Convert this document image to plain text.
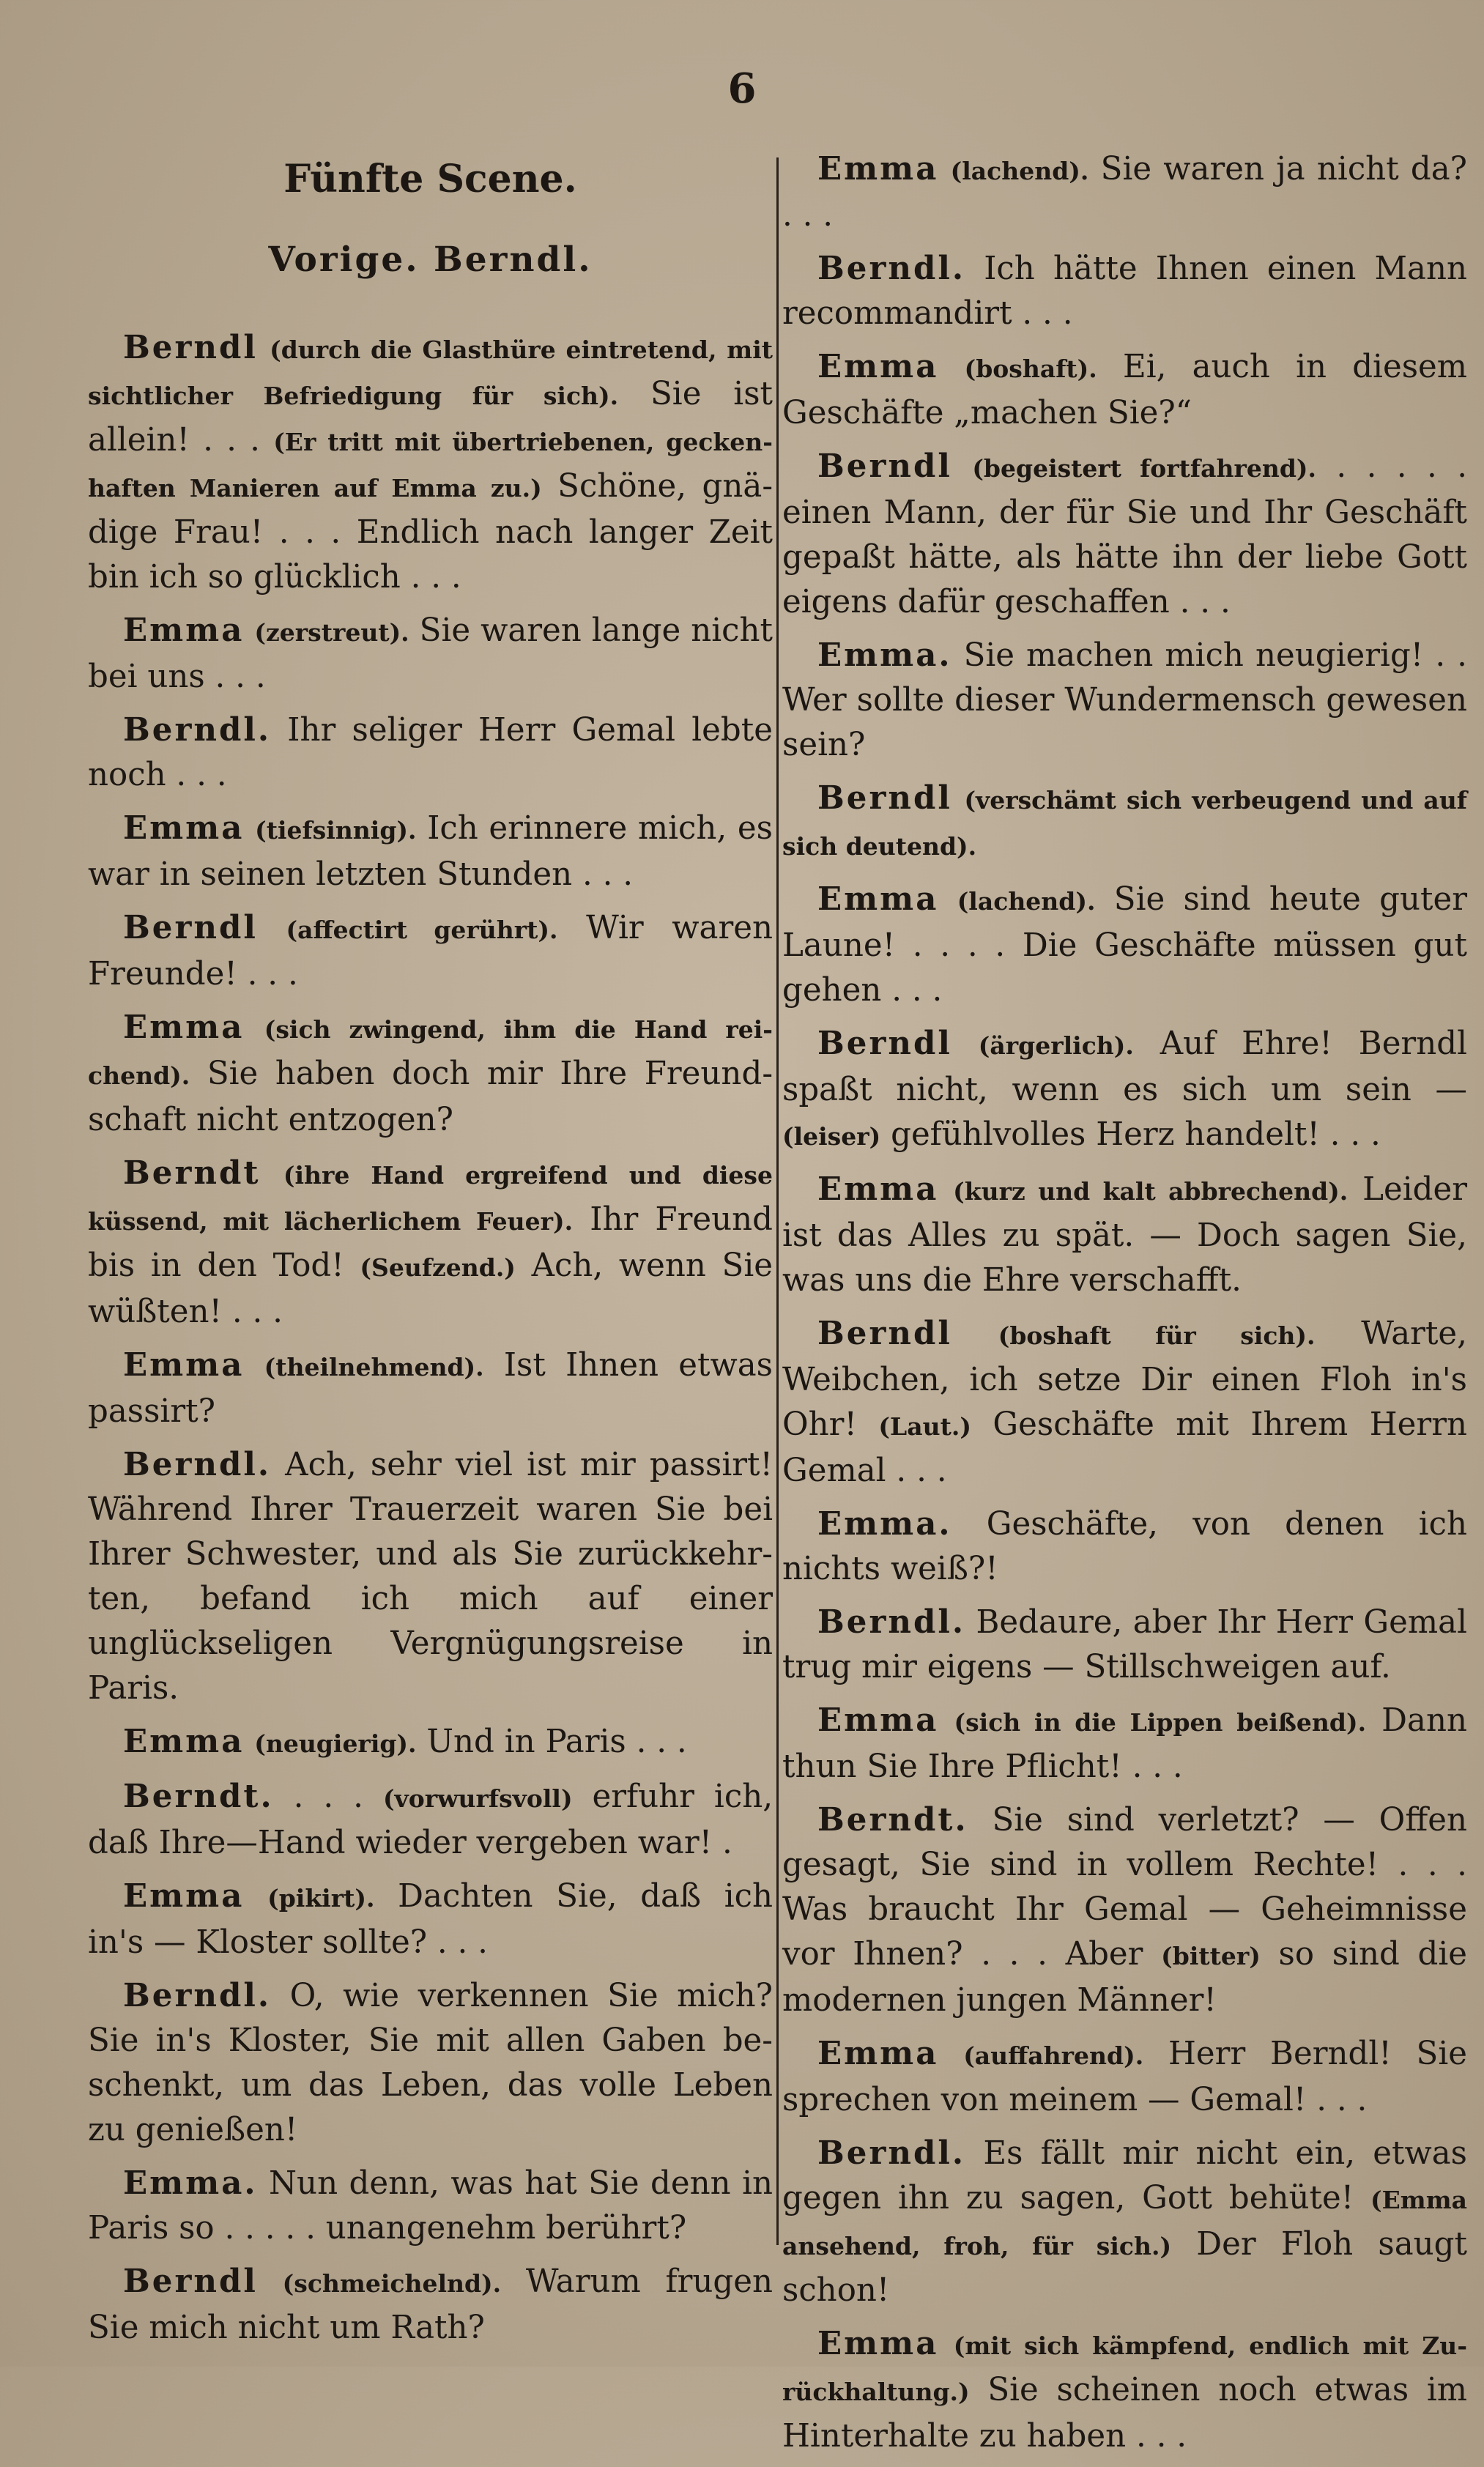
6
Fünfte Scene.
Vorige. Berndl.

Berndl (durch die Glasthüre eintretend, mit sichtlicher Befriedigung für sich). Sie ist allein! . . . (Er tritt mit übertriebenen, geckenhaften Manieren auf Emma zu.) Schöne, gnädige Frau! . . . Endlich nach langer Zeit bin ich so glücklich . . .

Emma (zerstreut). Sie waren lange nicht bei uns . . .

Berndl. Ihr seliger Herr Gemal lebte noch . . .

Emma (tiefsinnig). Ich erinnere mich, es war in seinen letzten Stunden . . .

Berndl (affectirt gerührt). Wir waren Freunde! . . .

Emma (sich zwingend, ihm die Hand reichend). Sie haben doch mir Ihre Freundschaft nicht entzogen?

Berndt (ihre Hand ergreifend und diese küssend, mit lächerlichem Feuer). Ihr Freund bis in den Tod! (Seufzend.) Ach, wenn Sie wüßten! . . .

Emma (theilnehmend). Ist Ihnen etwas passirt?

Berndl. Ach, sehr viel ist mir passirt! Während Ihrer Trauerzeit waren Sie bei Ihrer Schwester, und als Sie zurückkehrten, befand ich mich auf einer unglückseligen Vergnügungsreise in Paris.

Emma (neugierig). Und in Paris . . .

Berndt. . . . (vorwurfsvoll) erfuhr ich, daß Ihre—Hand wieder vergeben war! .

Emma (pikirt). Dachten Sie, daß ich in's — Kloster sollte? . . .

Berndl. O, wie verkennen Sie mich? Sie in's Kloster, Sie mit allen Gaben beschenkt, um das Leben, das volle Leben zu genießen!

Emma. Nun denn, was hat Sie denn in Paris so . . . . . unangenehm berührt?

Berndl (schmeichelnd). Warum frugen Sie mich nicht um Rath?

Emma (lachend). Sie waren ja nicht da? . . .

Berndl. Ich hätte Ihnen einen Mann recommandirt . . .

Emma (boshaft). Ei, auch in diesem Geschäfte „machen Sie?“

Berndl (begeistert fortfahrend). . . . . . einen Mann, der für Sie und Ihr Geschäft gepaßt hätte, als hätte ihn der liebe Gott eigens dafür geschaffen . . .

Emma. Sie machen mich neugierig! . . Wer sollte dieser Wundermensch gewesen sein?

Berndl (verschämt sich verbeugend und auf sich deutend).

Emma (lachend). Sie sind heute guter Laune! . . . . Die Geschäfte müssen gut gehen . . .

Berndl (ärgerlich). Auf Ehre! Berndl spaßt nicht, wenn es sich um sein — (leiser) gefühlvolles Herz handelt! . . .

Emma (kurz und kalt abbrechend). Leider ist das Alles zu spät. — Doch sagen Sie, was uns die Ehre verschafft.

Berndl (boshaft für sich). Warte, Weibchen, ich setze Dir einen Floh in's Ohr! (Laut.) Geschäfte mit Ihrem Herrn Gemal . . .

Emma. Geschäfte, von denen ich nichts weiß?!

Berndl. Bedaure, aber Ihr Herr Gemal trug mir eigens — Stillschweigen auf.

Emma (sich in die Lippen beißend). Dann thun Sie Ihre Pflicht! . . .

Berndt. Sie sind verletzt? — Offen gesagt, Sie sind in vollem Rechte! . . . Was braucht Ihr Gemal — Geheimnisse vor Ihnen? . . . Aber (bitter) so sind die modernen jungen Männer!

Emma (auffahrend). Herr Berndl! Sie sprechen von meinem — Gemal! . . .

Berndl. Es fällt mir nicht ein, etwas gegen ihn zu sagen, Gott behüte! (Emma ansehend, froh, für sich.) Der Floh saugt schon!

Emma (mit sich kämpfend, endlich mit Zurückhaltung.) Sie scheinen noch etwas im Hinterhalte zu haben . . .
